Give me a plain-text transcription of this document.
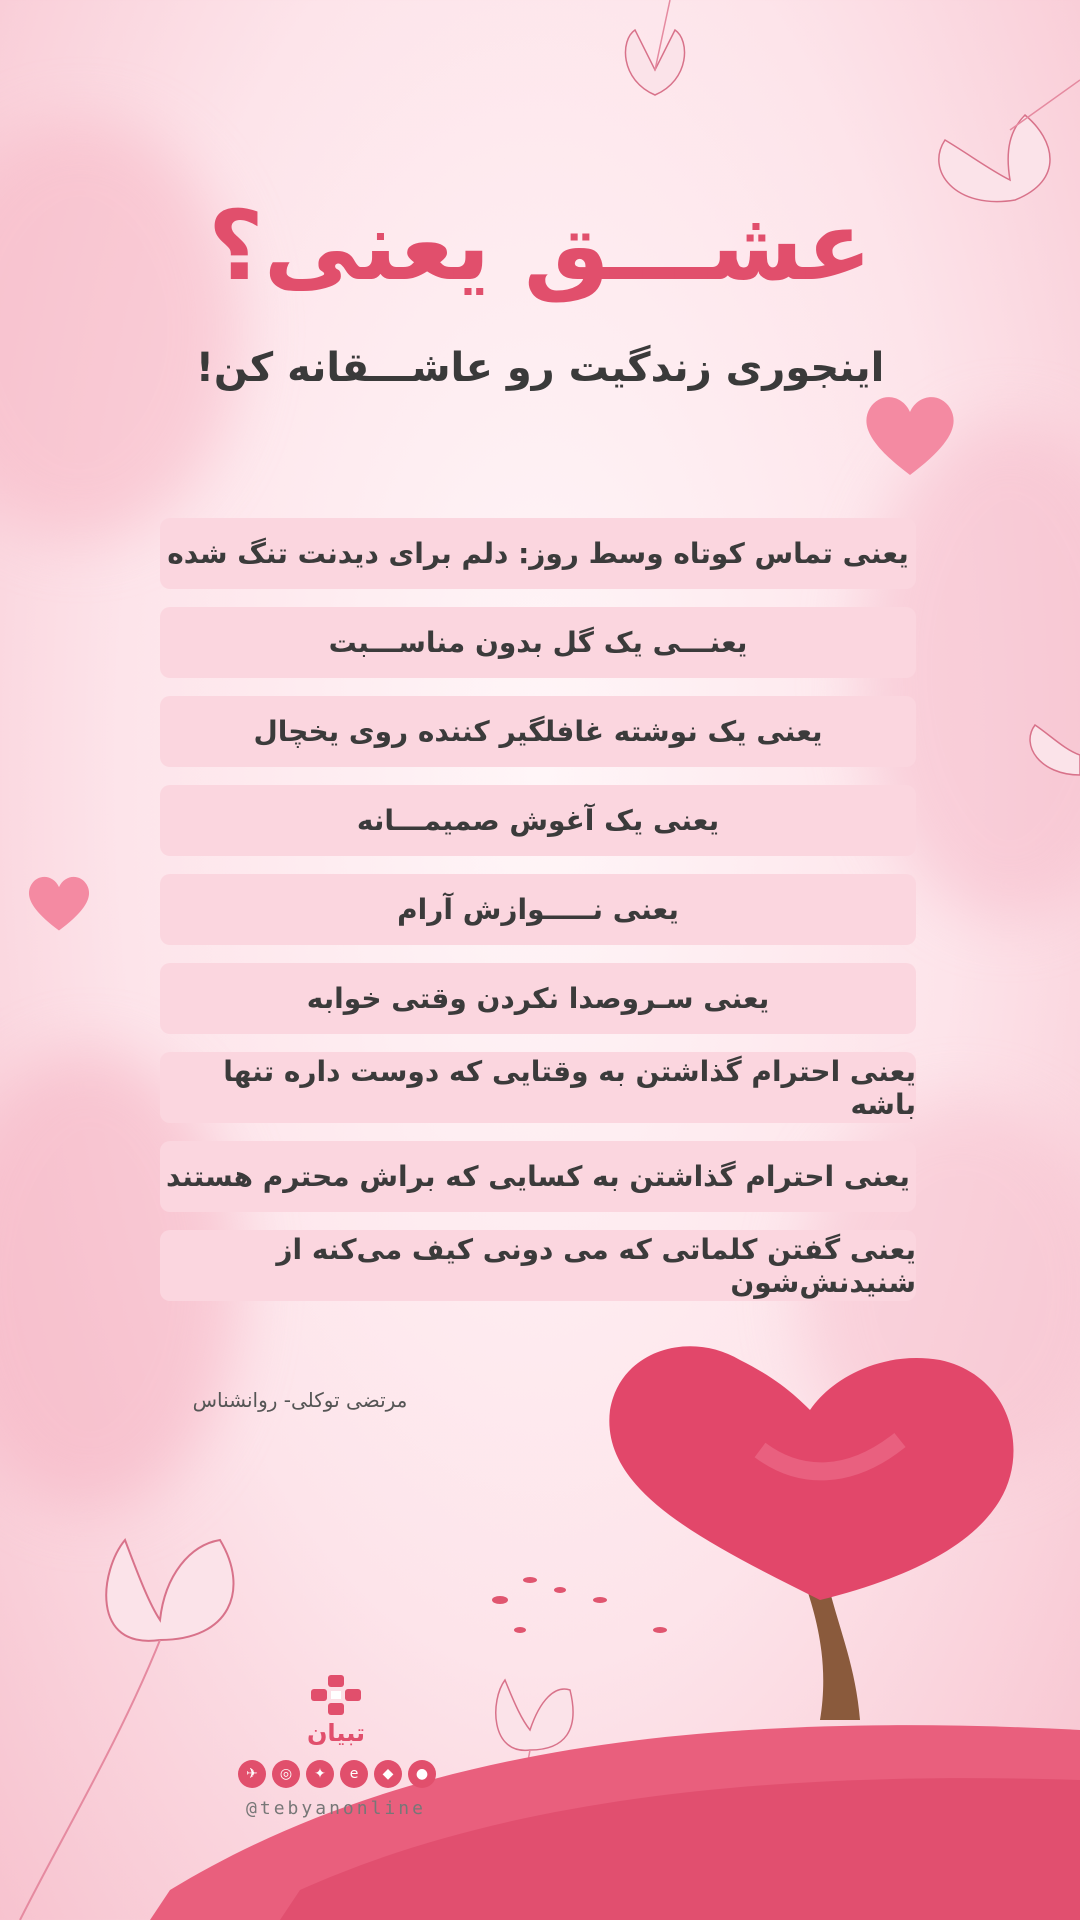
عشـــق یعنی؟
اینجوری زندگیت رو عاشـــقانه کن!
یعنی تماس کوتاه وسط روز: دلم برای دیدنت تنگ شده
یعنـــی یک گل بدون مناســـبت
یعنی یک نوشته غافلگیر کننده روی یخچال
یعنی یک آغوش صمیمـــانه
یعنی نـــــوازش آرام
یعنی سـروصدا نکردن وقتی خوابه
یعنی احترام گذاشتن به وقتایی که دوست داره تنها باشه
یعنی احترام گذاشتن به کسایی که براش محترم هستند
یعنی گفتن کلماتی که می دونی کیف می‌کنه از شنیدنش‌شون
مرتضی توکلی- روانشناس
تبیان
✈	◎	✦	e	◆	●
@tebyanonline
